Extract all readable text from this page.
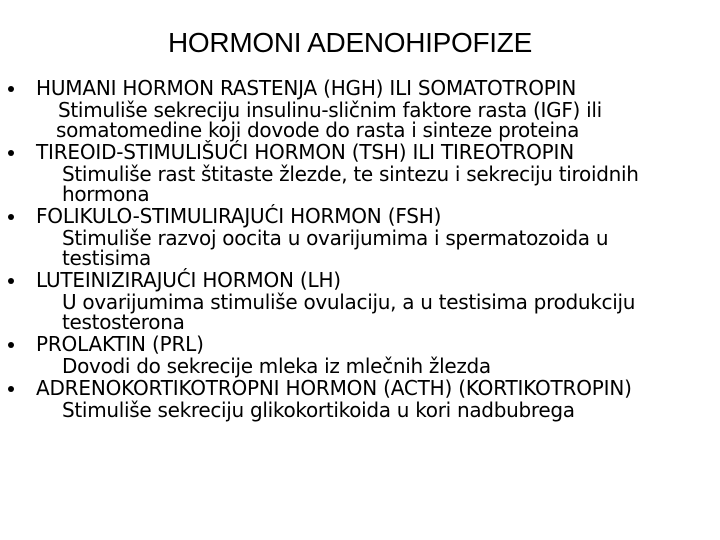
HORMONI ADENOHIPOFIZE
HUMANI HORMON RASTENJA (HGH) ILI SOMATOTROPIN
Stimuliše sekreciju insulinu-sličnim faktore rasta (IGF) ili somatomedine koji dovode do rasta i sinteze proteina
TIREOID-STIMULIŠUĆI HORMON (TSH) ILI TIREOTROPIN
Stimuliše rast štitaste žlezde, te sintezu i sekreciju tiroidnih hormona
FOLIKULO-STIMULIRAJUĆI HORMON (FSH)
Stimuliše razvoj oocita u ovarijumima i spermatozoida u testisima
LUTEINIZIRAJUĆI HORMON (LH)
U ovarijumima stimuliše ovulaciju, a u testisima produkciju testosterona
PROLAKTIN (PRL)
Dovodi do sekrecije mleka iz mlečnih žlezda
ADRENOKORTIKOTROPNI HORMON (ACTH) (KORTIKOTROPIN)
Stimuliše sekreciju glikokortikoida u kori nadbubrega
